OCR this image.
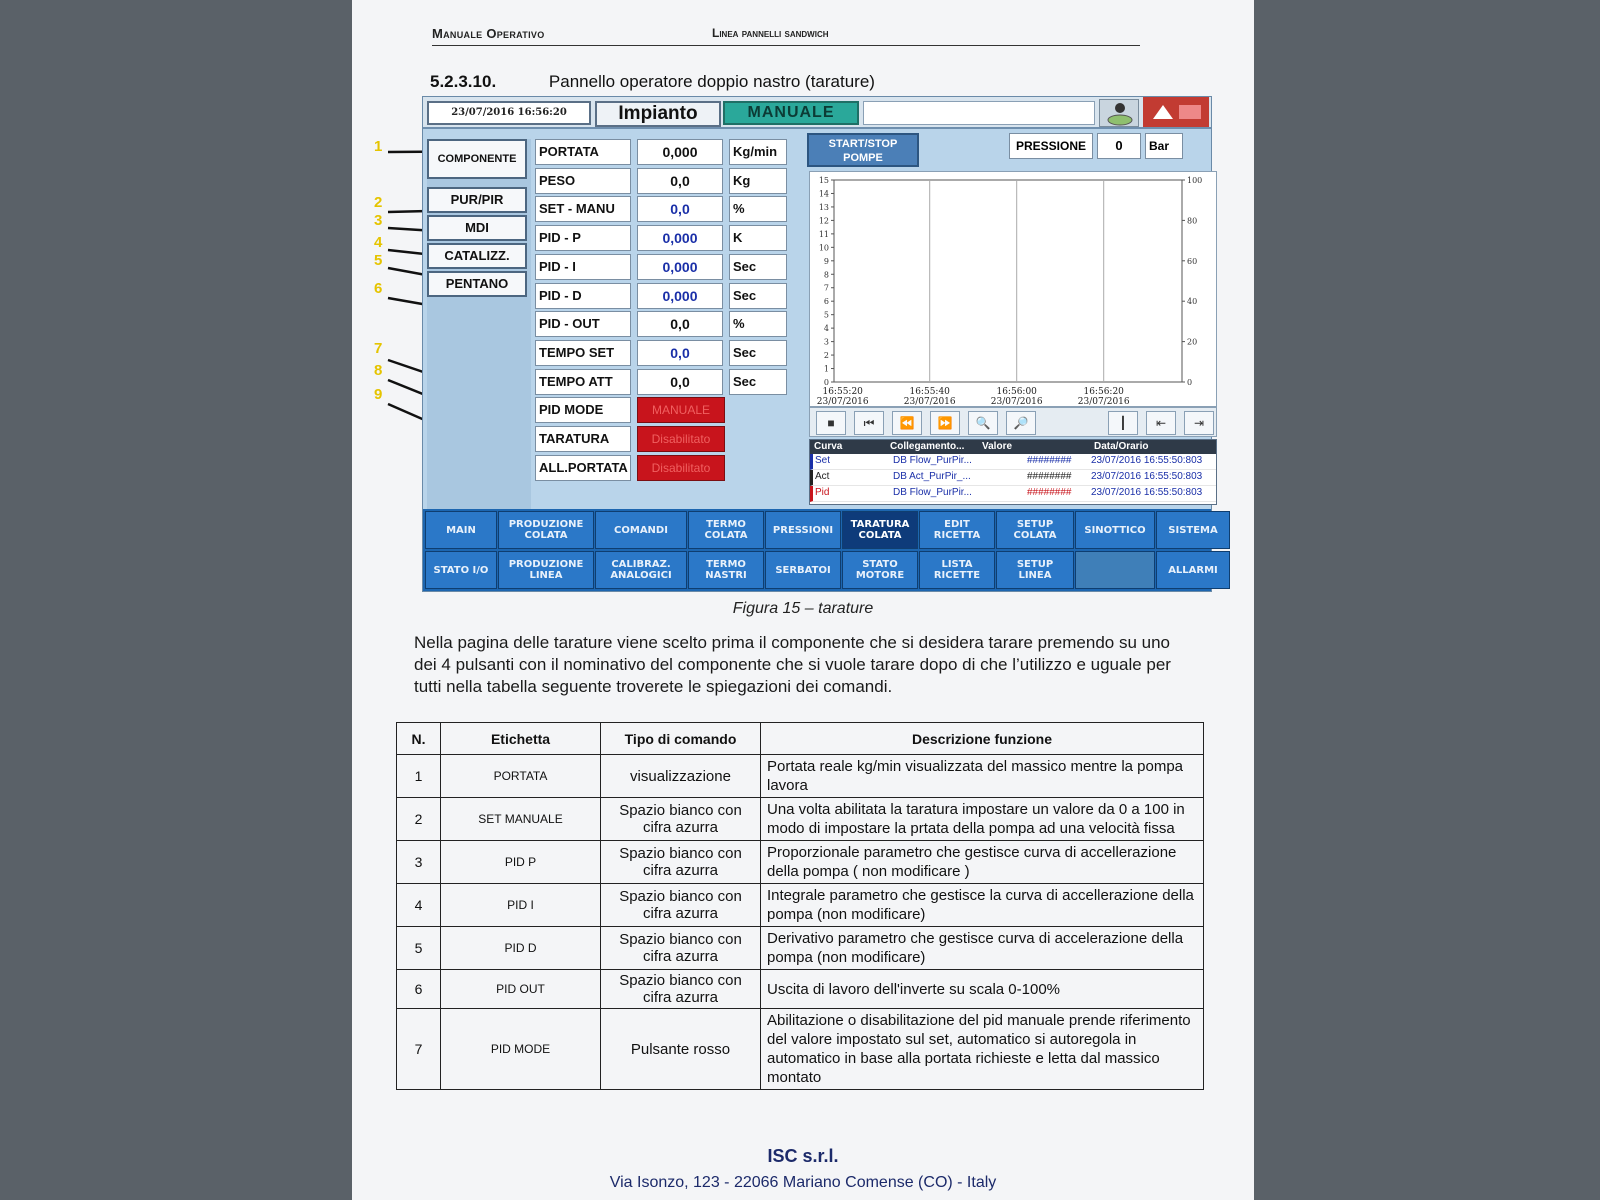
Manuale Operativo	Linea pannelli sandwich
5.2.3.10.	Pannello operatore doppio nastro (tarature)
1
2
3
4
5
6
7
8
9
23/07/2016 16:56:20	Impianto	MANUALE
COMPONENTE
PUR/PIR
MDI
CATALIZZ.
PENTANO
START/STOP POMPE
PRESSIONE	0	Bar
0
1
2
3
4
5
6
7
8
9
10
11
12
13
14
15
0
20
40
60
80
100
16:55:20
23/07/2016
16:55:40
23/07/2016
16:56:00
23/07/2016
16:56:20
23/07/2016
■	⏮	⏪	⏩	🔍	🔎	┃	⇤	⇥
Curva	Collegamento... Valore	Data/Orario
Set	DB Flow_PurPir...	######## 23/07/2016 16:55:50:803
Act	DB Act_PurPir_...	######## 23/07/2016 16:55:50:803
Pid	DB Flow_PurPir...	######## 23/07/2016 16:55:50:803
MAIN	PRODUZIONE COLATA	COMANDI	TERMO COLATA	PRESSIONI	TARATURA COLATA
EDIT RICETTA
SETUP COLATA	SINOTTICO	SISTEMA
STATO I/O	PRODUZIONE LINEA
CALIBRAZ. ANALOGICI
TERMO NASTRI	SERBATOI	STATO MOTORE
LISTA RICETTE
SETUP LINEA	ALLARMI
PORTATA	0,000	Kg/min
PESO	0,0	Kg
SET - MANU	0,0	%
PID - P	0,000	K
PID - I	0,000	Sec
PID - D	0,000	Sec
PID - OUT	0,0	%
TEMPO SET	0,0	Sec
TEMPO ATT	0,0	Sec
PID MODE	MANUALE
TARATURA	Disabilitato
ALL.PORTATA	Disabilitato
Figura 15 – tarature
Nella pagina delle tarature viene scelto prima il componente che si desidera tarare premendo su uno dei 4 pulsanti con il nominativo del componente che si vuole tarare dopo di che l’utilizzo e uguale per tutti nella tabella seguente troverete le spiegazioni dei comandi.
N.	Etichetta	Tipo di comando	Descrizione funzione
1	PORTATA	visualizzazione	Portata reale kg/min visualizzata del massico mentre la pompa lavora
2	SET MANUALE	Spazio bianco con cifra azurra	Una volta abilitata la taratura impostare un valore da 0 a 100 in modo di impostare la prtata della pompa ad una velocità fissa
3	PID P	Spazio bianco con cifra azurra	Proporzionale parametro che gestisce curva di accellerazione della pompa ( non modificare )
4	PID I	Spazio bianco con cifra azurra	Integrale parametro che gestisce la curva di accellerazione della pompa (non modificare)
5	PID D	Spazio bianco con cifra azurra	Derivativo parametro che gestisce curva di accelerazione della pompa (non modificare)
6	PID OUT	Spazio bianco con cifra azurra	Uscita di lavoro dell'inverte su scala 0-100%
7	PID MODE	Pulsante rosso	Abilitazione o disabilitazione del pid manuale prende riferimento del valore impostato sul set, automatico si autoregola in automatico in base alla portata richieste e letta dal massico montato
ISC s.r.l.
Via Isonzo, 123 - 22066 Mariano Comense (CO) - Italy
